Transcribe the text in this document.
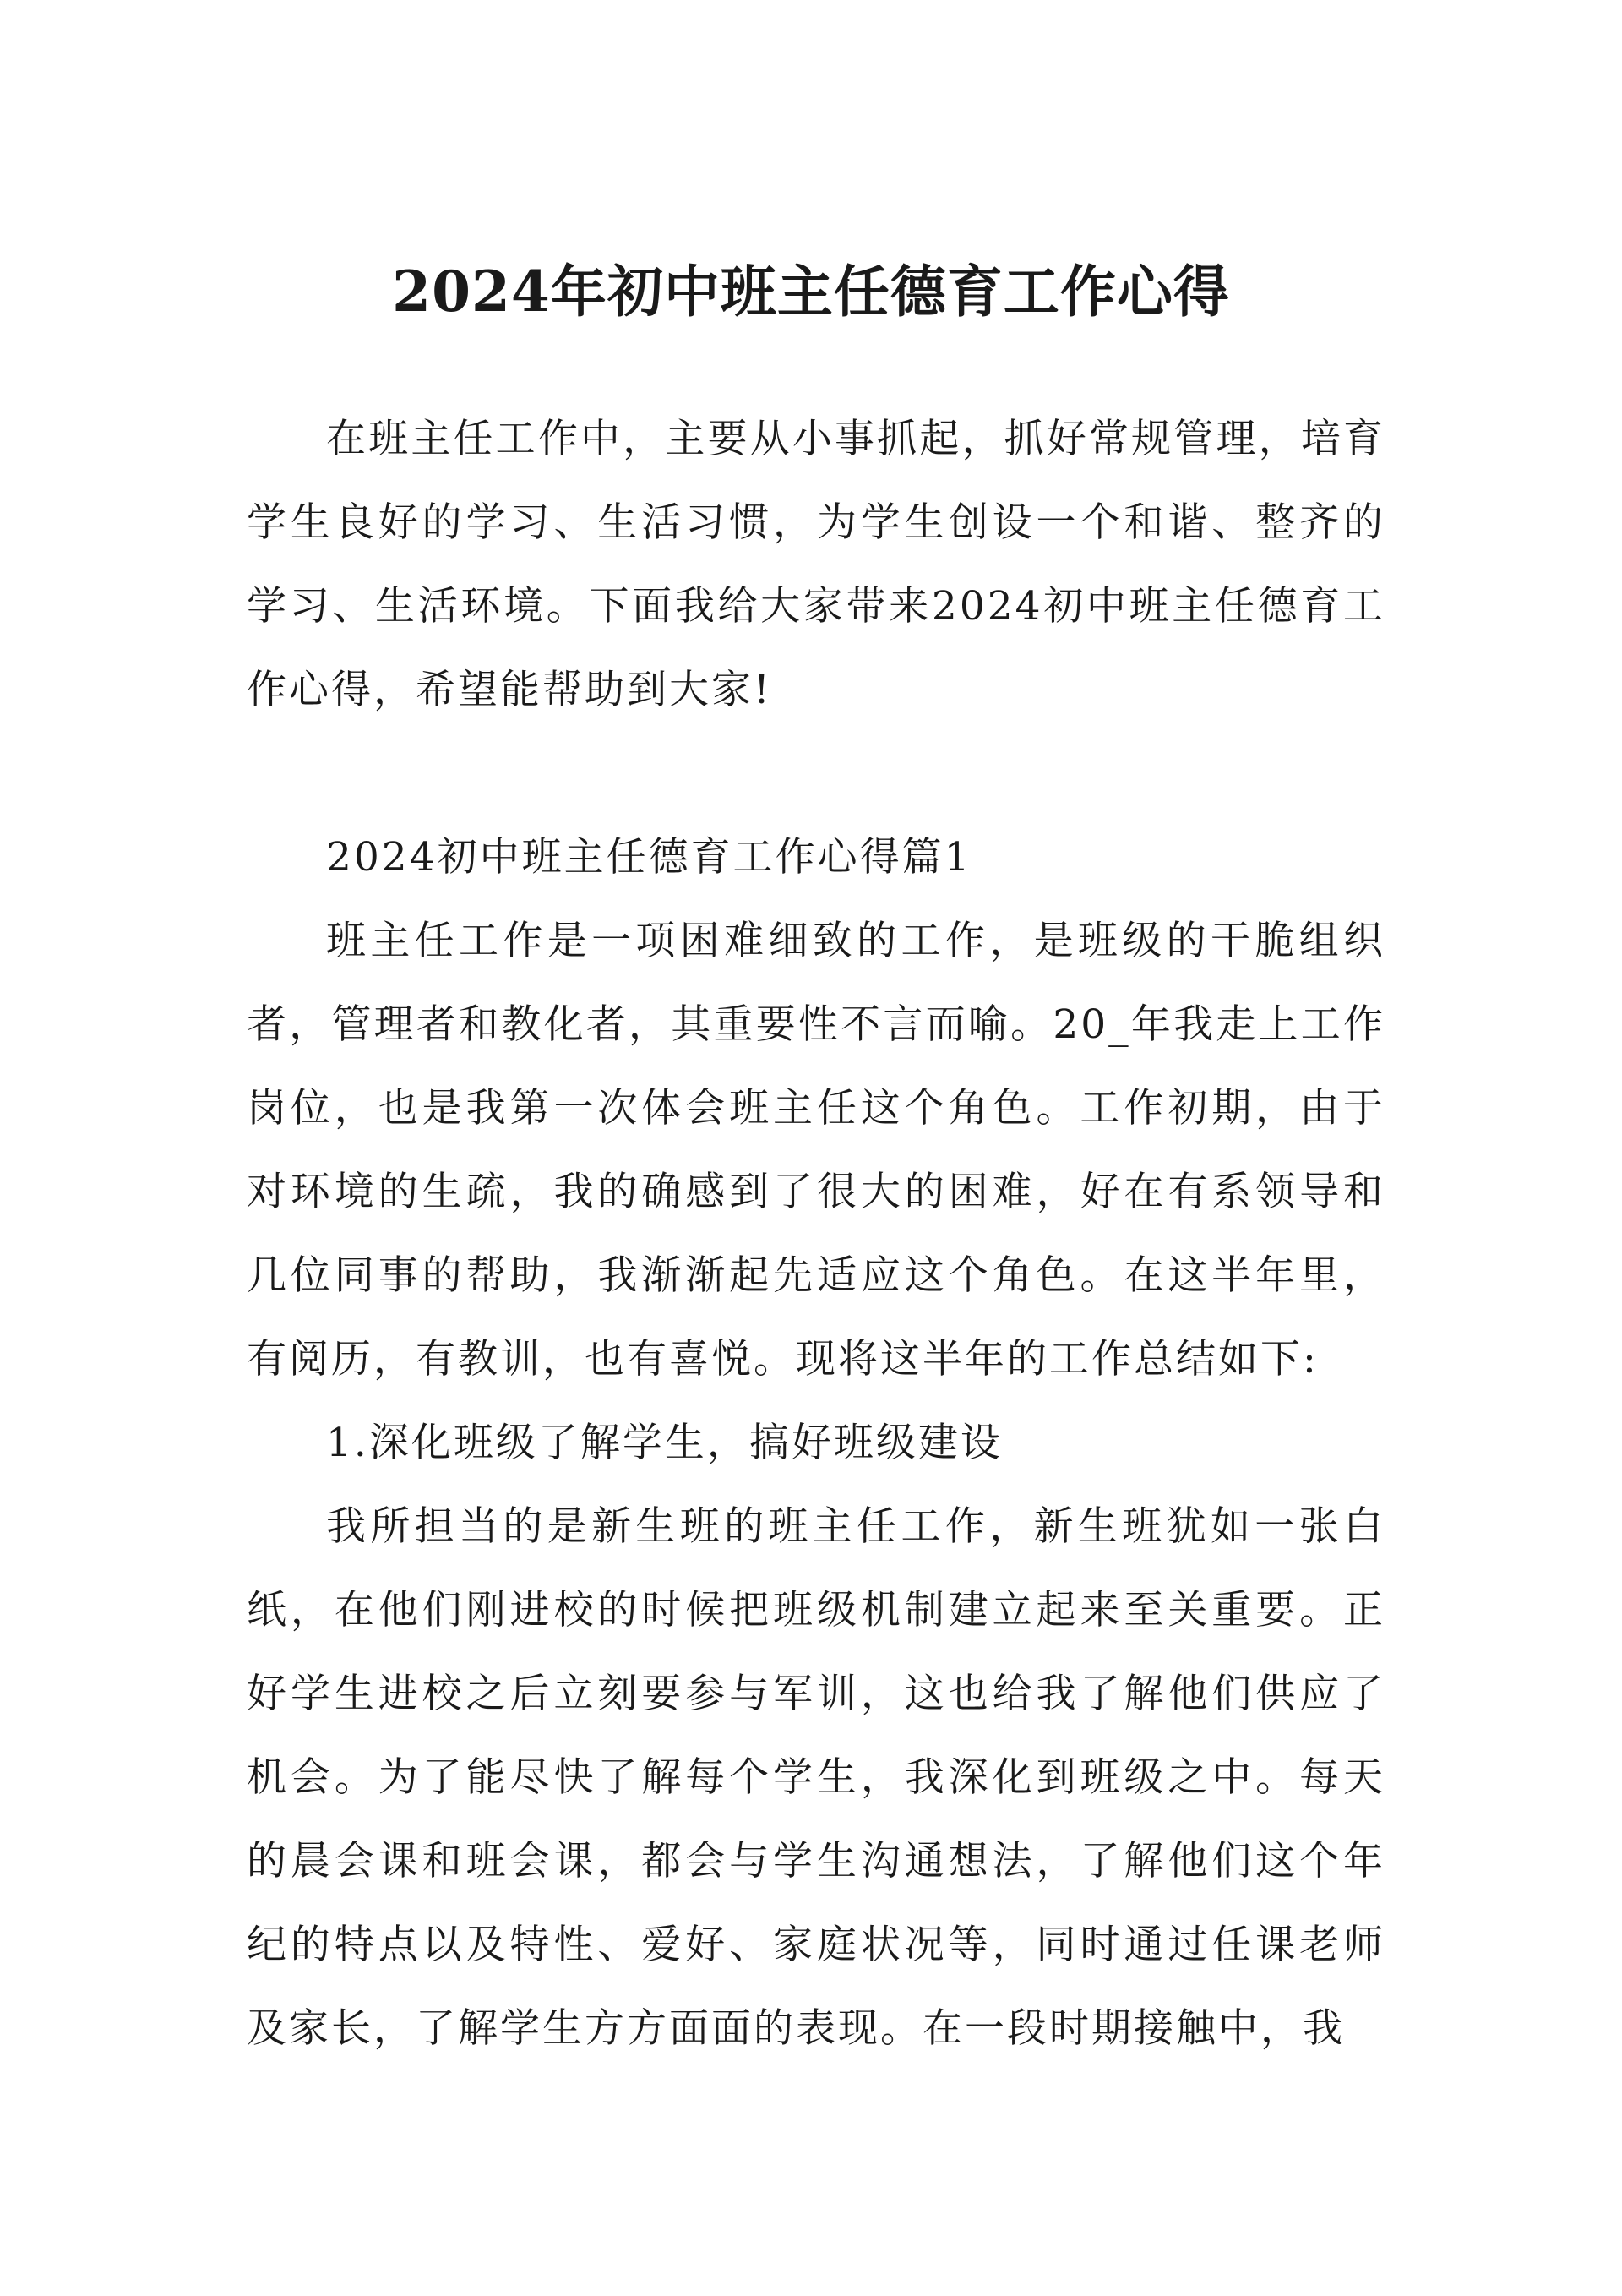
2024年初中班主任德育工作心得

在班主任工作中，主要从小事抓起，抓好常规管理，培育学生良好的学习、生活习惯，为学生创设一个和谐、整齐的学习、生活环境。下面我给大家带来2024初中班主任德育工作心得，希望能帮助到大家!

2024初中班主任德育工作心得篇1

班主任工作是一项困难细致的工作，是班级的干脆组织者，管理者和教化者，其重要性不言而喻。20_年我走上工作岗位，也是我第一次体会班主任这个角色。工作初期，由于对环境的生疏，我的确感到了很大的困难，好在有系领导和几位同事的帮助，我渐渐起先适应这个角色。在这半年里，有阅历，有教训，也有喜悦。现将这半年的工作总结如下:

1.深化班级了解学生，搞好班级建设

我所担当的是新生班的班主任工作，新生班犹如一张白纸，在他们刚进校的时候把班级机制建立起来至关重要。正好学生进校之后立刻要参与军训，这也给我了解他们供应了机会。为了能尽快了解每个学生，我深化到班级之中。每天的晨会课和班会课，都会与学生沟通想法，了解他们这个年纪的特点以及特性、爱好、家庭状况等，同时通过任课老师及家长，了解学生方方面面的表现。在一段时期接触中，我
